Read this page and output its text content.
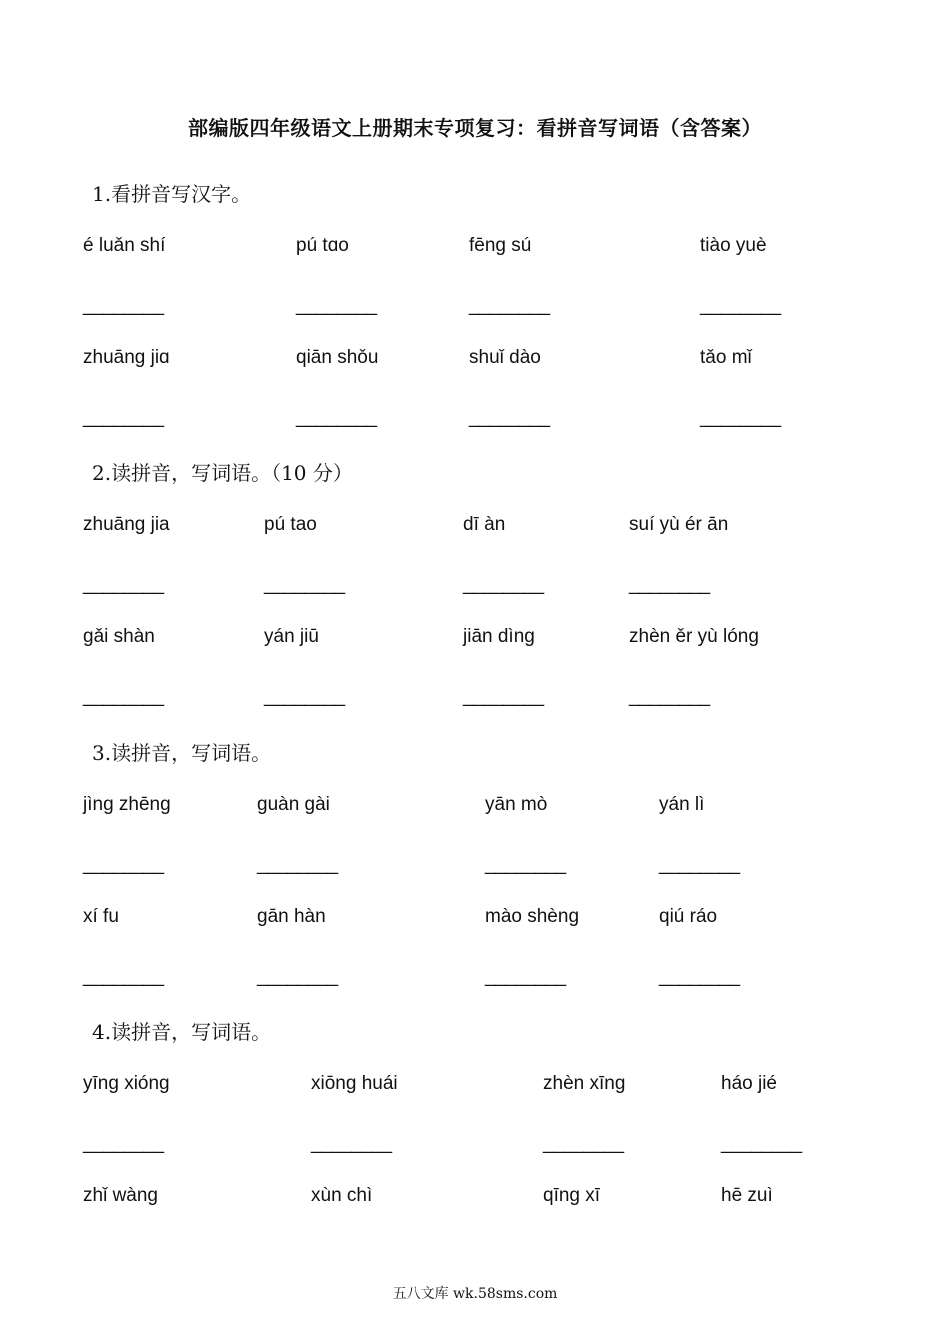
部编版四年级语文上册期末专项复习：看拼音写词语（含答案）
1.看拼音写汉字。
é luǎn shí	pú tɑo	fēng sú	tiào yuè
________	________	________	________
zhuāng jiɑ	qiān shǒu	shuǐ dào	tǎo mǐ
________	________	________	________
2.读拼音，写词语。（10 分）
zhuāng jia	pú tao	dī àn	suí yù ér ān
________	________	________	________
gǎi shàn	yán jiū	jiān dìng	zhèn ěr yù lóng
________	________	________	________
3.读拼音，写词语。
jìng zhēng	guàn gài	yān mò	yán lì
________	________	________	________
xí fu	gān hàn	mào shèng	qiú ráo
________	________	________	________
4.读拼音，写词语。
yīng xióng	xiōng huái	zhèn xīng	háo jié
________	________	________	________
zhǐ wàng	xùn chì	qīng xī	hē zuì
五八文库 wk.58sms.com
